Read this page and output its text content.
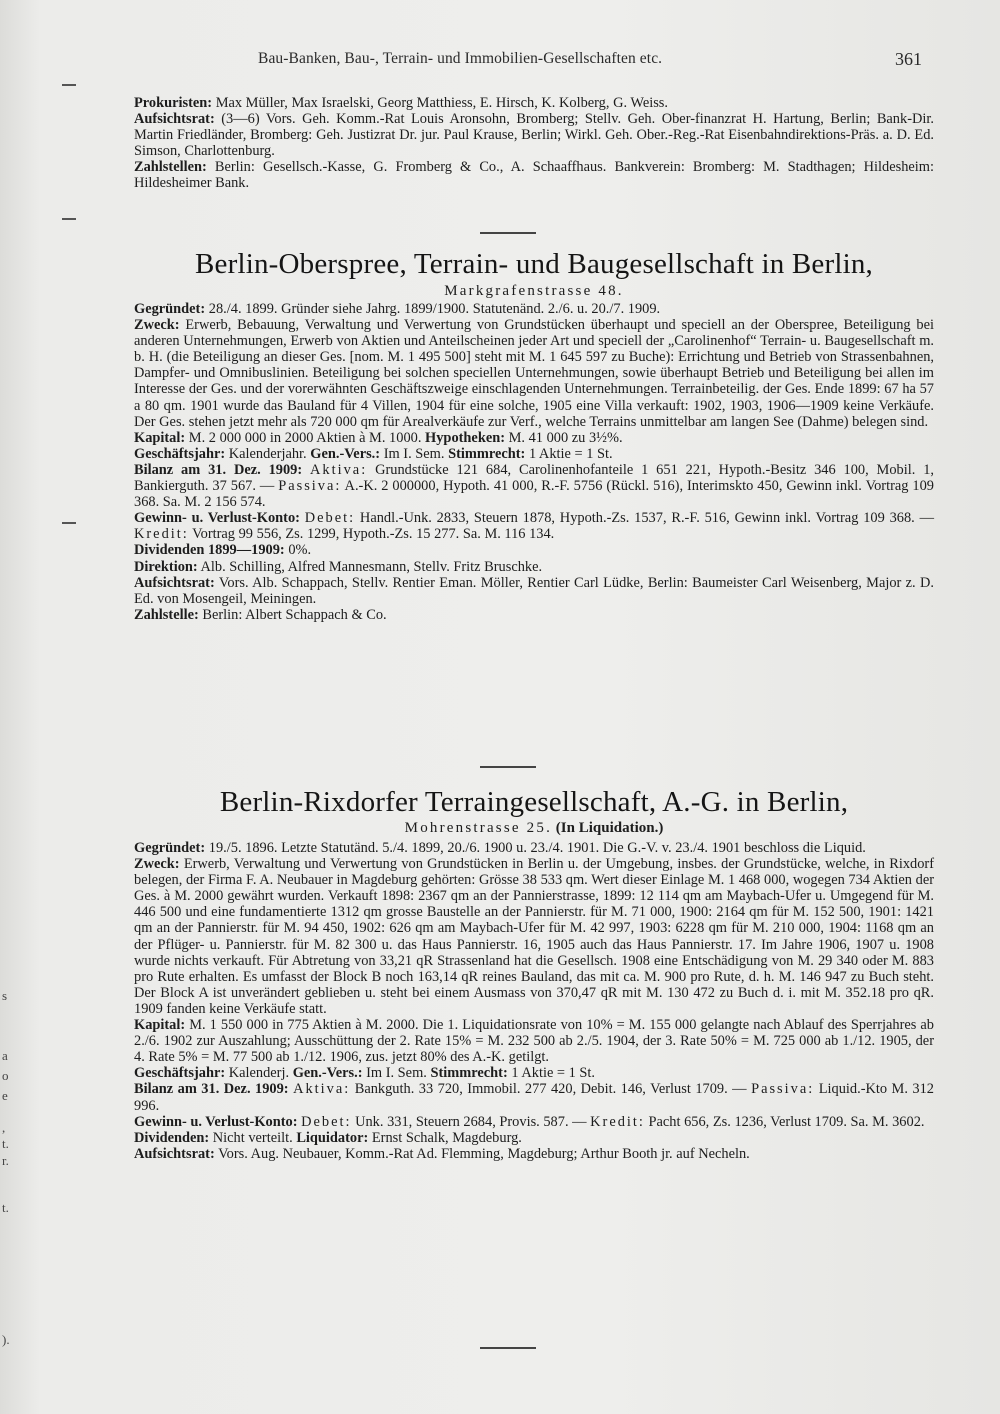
s
a
o
e
,
t.
r.
t.
).
Bau-Banken, Bau-, Terrain- und Immobilien-Gesellschaften etc.	361

Prokuristen: Max Müller, Max Israelski, Georg Matthiess, E. Hirsch, K. Kolberg, G. Weiss.

Aufsichtsrat: (3—6) Vors. Geh. Komm.-Rat Louis Aronsohn, Bromberg; Stellv. Geh. Ober-finanzrat H. Hartung, Berlin; Bank-Dir. Martin Friedländer, Bromberg: Geh. Justizrat Dr. jur. Paul Krause, Berlin; Wirkl. Geh. Ober.-Reg.-Rat Eisenbahndirektions-Präs. a. D. Ed. Simson, Charlottenburg.

Zahlstellen: Berlin: Gesellsch.-Kasse, G. Fromberg & Co., A. Schaaffhaus. Bankverein: Bromberg: M. Stadthagen; Hildesheim: Hildesheimer Bank.

Berlin-Oberspree, Terrain- und Baugesellschaft in Berlin,
Markgrafenstrasse 48.

Gegründet: 28./4. 1899. Gründer siehe Jahrg. 1899/1900. Statutenänd. 2./6. u. 20./7. 1909.

Zweck: Erwerb, Bebauung, Verwaltung und Verwertung von Grundstücken überhaupt und speciell an der Oberspree, Beteiligung bei anderen Unternehmungen, Erwerb von Aktien und Anteilscheinen jeder Art und speciell der „Carolinenhof“ Terrain- u. Baugesellschaft m. b. H. (die Beteiligung an dieser Ges. [nom. M. 1 495 500] steht mit M. 1 645 597 zu Buche): Errichtung und Betrieb von Strassenbahnen, Dampfer- und Omnibuslinien. Beteiligung bei solchen speciellen Unternehmungen, sowie überhaupt Betrieb und Beteiligung bei allen im Interesse der Ges. und der vorerwähnten Geschäftszweige einschlagenden Unternehmungen. Terrainbeteilig. der Ges. Ende 1899: 67 ha 57 a 80 qm. 1901 wurde das Bauland für 4 Villen, 1904 für eine solche, 1905 eine Villa verkauft: 1902, 1903, 1906—1909 keine Verkäufe. Der Ges. stehen jetzt mehr als 720 000 qm für Arealverkäufe zur Verf., welche Terrains unmittelbar am langen See (Dahme) belegen sind.

Kapital: M. 2 000 000 in 2000 Aktien à M. 1000. Hypotheken: M. 41 000 zu 3½%.

Geschäftsjahr: Kalenderjahr. Gen.-Vers.: Im I. Sem. Stimmrecht: 1 Aktie = 1 St.

Bilanz am 31. Dez. 1909: Aktiva: Grundstücke 121 684, Carolinenhofanteile 1 651 221, Hypoth.-Besitz 346 100, Mobil. 1, Bankierguth. 37 567. — Passiva: A.-K. 2 000000, Hypoth. 41 000, R.-F. 5756 (Rückl. 516), Interimskto 450, Gewinn inkl. Vortrag 109 368. Sa. M. 2 156 574.

Gewinn- u. Verlust-Konto: Debet: Handl.-Unk. 2833, Steuern 1878, Hypoth.-Zs. 1537, R.-F. 516, Gewinn inkl. Vortrag 109 368. — Kredit: Vortrag 99 556, Zs. 1299, Hypoth.-Zs. 15 277. Sa. M. 116 134.

Dividenden 1899—1909: 0%.

Direktion: Alb. Schilling, Alfred Mannesmann, Stellv. Fritz Bruschke.

Aufsichtsrat: Vors. Alb. Schappach, Stellv. Rentier Eman. Möller, Rentier Carl Lüdke, Berlin: Baumeister Carl Weisenberg, Major z. D. Ed. von Mosengeil, Meiningen.

Zahlstelle: Berlin: Albert Schappach & Co.

Berlin-Rixdorfer Terraingesellschaft, A.-G. in Berlin,
Mohrenstrasse 25. (In Liquidation.)

Gegründet: 19./5. 1896. Letzte Statutänd. 5./4. 1899, 20./6. 1900 u. 23./4. 1901. Die G.-V. v. 23./4. 1901 beschloss die Liquid.

Zweck: Erwerb, Verwaltung und Verwertung von Grundstücken in Berlin u. der Umgebung, insbes. der Grundstücke, welche, in Rixdorf belegen, der Firma F. A. Neubauer in Magdeburg gehörten: Grösse 38 533 qm. Wert dieser Einlage M. 1 468 000, wogegen 734 Aktien der Ges. à M. 2000 gewährt wurden. Verkauft 1898: 2367 qm an der Pannierstrasse, 1899: 12 114 qm am Maybach-Ufer u. Umgegend für M. 446 500 und eine fundamentierte 1312 qm grosse Baustelle an der Pannierstr. für M. 71 000, 1900: 2164 qm für M. 152 500, 1901: 1421 qm an der Pannierstr. für M. 94 450, 1902: 626 qm am Maybach-Ufer für M. 42 997, 1903: 6228 qm für M. 210 000, 1904: 1168 qm an der Pflüger- u. Pannierstr. für M. 82 300 u. das Haus Pannierstr. 16, 1905 auch das Haus Pannierstr. 17. Im Jahre 1906, 1907 u. 1908 wurde nichts verkauft. Für Abtretung von 33,21 qR Strassenland hat die Gesellsch. 1908 eine Entschädigung von M. 29 340 oder M. 883 pro Rute erhalten. Es umfasst der Block B noch 163,14 qR reines Bauland, das mit ca. M. 900 pro Rute, d. h. M. 146 947 zu Buch steht. Der Block A ist unverändert geblieben u. steht bei einem Ausmass von 370,47 qR mit M. 130 472 zu Buch d. i. mit M. 352.18 pro qR. 1909 fanden keine Verkäufe statt.

Kapital: M. 1 550 000 in 775 Aktien à M. 2000. Die 1. Liquidationsrate von 10% = M. 155 000 gelangte nach Ablauf des Sperrjahres ab 2./6. 1902 zur Auszahlung; Ausschüttung der 2. Rate 15% = M. 232 500 ab 2./5. 1904, der 3. Rate 50% = M. 725 000 ab 1./12. 1905, der 4. Rate 5% = M. 77 500 ab 1./12. 1906, zus. jetzt 80% des A.-K. getilgt.

Geschäftsjahr: Kalenderj. Gen.-Vers.: Im I. Sem. Stimmrecht: 1 Aktie = 1 St.

Bilanz am 31. Dez. 1909: Aktiva: Bankguth. 33 720, Immobil. 277 420, Debit. 146, Verlust 1709. — Passiva: Liquid.-Kto M. 312 996.

Gewinn- u. Verlust-Konto: Debet: Unk. 331, Steuern 2684, Provis. 587. — Kredit: Pacht 656, Zs. 1236, Verlust 1709. Sa. M. 3602.

Dividenden: Nicht verteilt. Liquidator: Ernst Schalk, Magdeburg.

Aufsichtsrat: Vors. Aug. Neubauer, Komm.-Rat Ad. Flemming, Magdeburg; Arthur Booth jr. auf Necheln.
